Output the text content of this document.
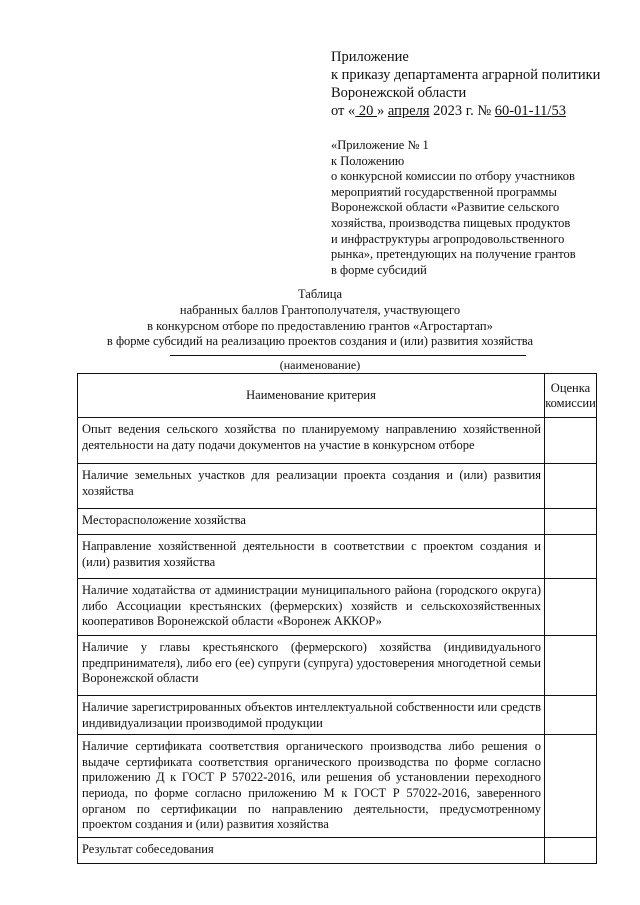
Приложение
к приказу департамента аграрной политики
Воронежской области
от « 20 » апреля 2023 г. № 60-01-11/53
«Приложение № 1
к Положению
о конкурсной комиссии по отбору участников
мероприятий государственной программы
Воронежской области «Развитие сельского
хозяйства, производства пищевых продуктов
и инфраструктуры агропродовольственного
рынка», претендующих на получение грантов
в форме субсидий
Таблица
набранных баллов Грантополучателя, участвующего
в конкурсном отборе по предоставлению грантов «Агростартап»
в форме субсидий на реализацию проектов создания и (или) развития хозяйства
(наименование)
Наименование критерия	Оценка
комиссии

Опыт ведения сельского хозяйства по планируемому направлению хозяйственной деятельности на дату подачи документов на участие в конкурсном отборе	
Наличие земельных участков для реализации проекта создания и (или) развития хозяйства	
Месторасположение хозяйства	
Направление хозяйственной деятельности в соответствии с проектом создания и (или) развития хозяйства	
Наличие ходатайства от администрации муниципального района (городского округа) либо Ассоциации крестьянских (фермерских) хозяйств и сельскохозяйственных кооперативов Воронежской области «Воронеж АККОР»	
Наличие у главы крестьянского (фермерского) хозяйства (индивидуального предпринимателя), либо его (ее) супруги (супруга) удостоверения многодетной семьи Воронежской области	
Наличие зарегистрированных объектов интеллектуальной собственности или средств индивидуализации производимой продукции	
Наличие сертификата соответствия органического производства либо решения о выдаче сертификата соответствия органического производства по форме согласно приложению Д к ГОСТ Р 57022-2016, или решения об установлении переходного периода, по форме согласно приложению М к ГОСТ Р 57022-2016, заверенного органом по сертификации по направлению деятельности, предусмотренному проектом создания и (или) развития хозяйства	
Результат собеседования	
